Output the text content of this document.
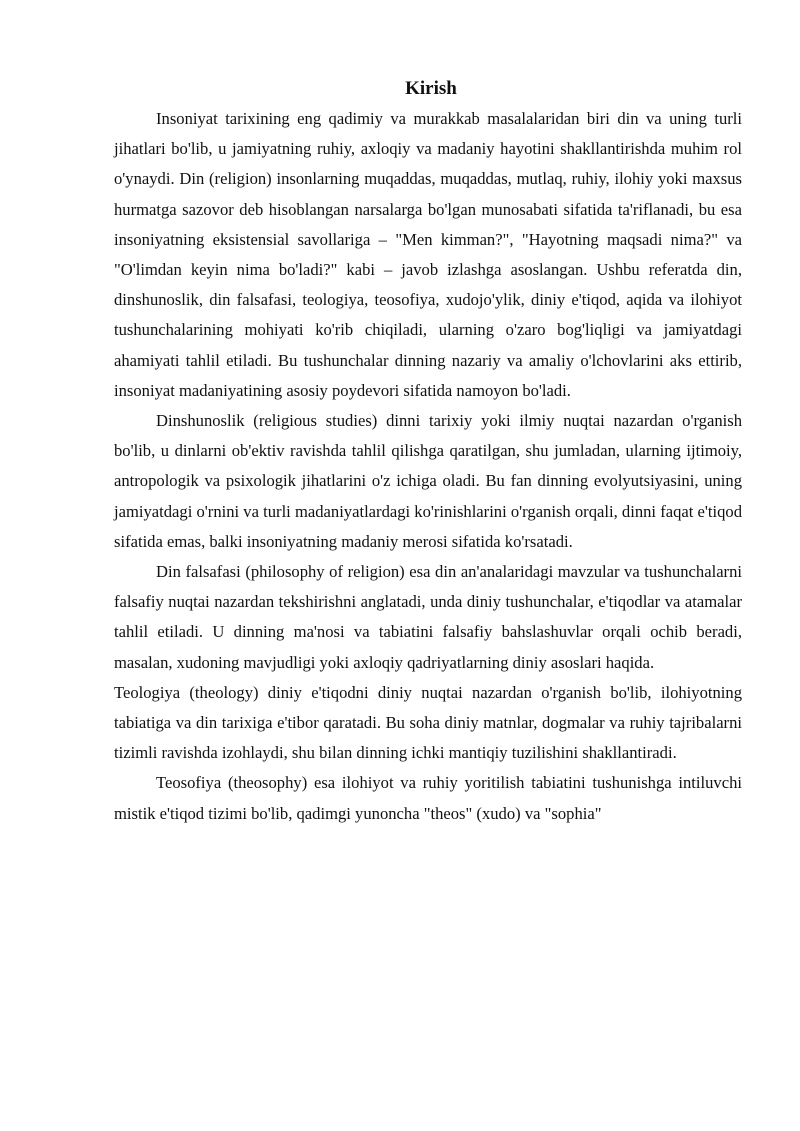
Kirish

Insoniyat tarixining eng qadimiy va murakkab masalalaridan biri din va uning turli jihatlari bo'lib, u jamiyatning ruhiy, axloqiy va madaniy hayotini shakllantirishda muhim rol o'ynaydi. Din (religion) insonlarning muqaddas, muqaddas, mutlaq, ruhiy, ilohiy yoki maxsus hurmatga sazovor deb hisoblangan narsalarga bo'lgan munosabati sifatida ta'riflanadi, bu esa insoniyatning eksistensial savollariga – "Men kimman?", "Hayotning maqsadi nima?" va "O'limdan keyin nima bo'ladi?" kabi – javob izlashga asoslangan. Ushbu referatda din, dinshunoslik, din falsafasi, teologiya, teosofiya, xudojo'ylik, diniy e'tiqod, aqida va ilohiyot tushunchalarining mohiyati ko'rib chiqiladi, ularning o'zaro bog'liqligi va jamiyatdagi ahamiyati tahlil etiladi. Bu tushunchalar dinning nazariy va amaliy o'lchovlarini aks ettirib, insoniyat madaniyatining asosiy poydevori sifatida namoyon bo'ladi.

Dinshunoslik (religious studies) dinni tarixiy yoki ilmiy nuqtai nazardan o'rganish bo'lib, u dinlarni ob'ektiv ravishda tahlil qilishga qaratilgan, shu jumladan, ularning ijtimoiy, antropologik va psixologik jihatlarini o'z ichiga oladi. Bu fan dinning evolyutsiyasini, uning jamiyatdagi o'rnini va turli madaniyatlardagi ko'rinishlarini o'rganish orqali, dinni faqat e'tiqod sifatida emas, balki insoniyatning madaniy merosi sifatida ko'rsatadi.

Din falsafasi (philosophy of religion) esa din an'analaridagi mavzular va tushunchalarni falsafiy nuqtai nazardan tekshirishni anglatadi, unda diniy tushunchalar, e'tiqodlar va atamalar tahlil etiladi. U dinning ma'nosi va tabiatini falsafiy bahslashuvlar orqali ochib beradi, masalan, xudoning mavjudligi yoki axloqiy qadriyatlarning diniy asoslari haqida.

Teologiya (theology) diniy e'tiqodni diniy nuqtai nazardan o'rganish bo'lib, ilohiyotning tabiatiga va din tarixiga e'tibor qaratadi. Bu soha diniy matnlar, dogmalar va ruhiy tajribalarni tizimli ravishda izohlaydi, shu bilan dinning ichki mantiqiy tuzilishini shakllantiradi.

Teosofiya (theosophy) esa ilohiyot va ruhiy yoritilish tabiatini tushunishga intiluvchi mistik e'tiqod tizimi bo'lib, qadimgi yunoncha "theos" (xudo) va "sophia"
